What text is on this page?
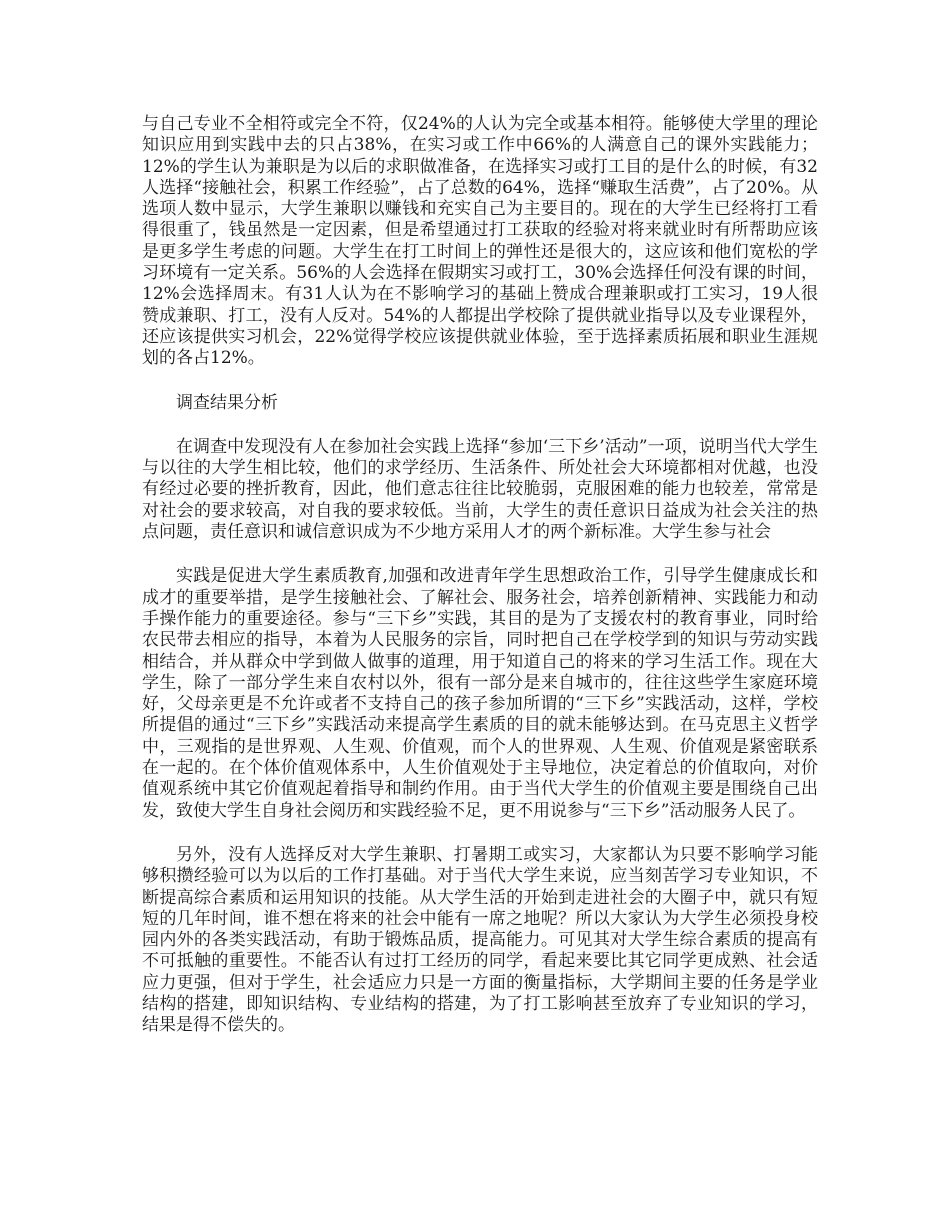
与自己专业不全相符或完全不符，仅24%的人认为完全或基本相符。能够使大学里的理论知识应用到实践中去的只占38%，在实习或工作中66%的人满意自己的课外实践能力；12%的学生认为兼职是为以后的求职做准备，在选择实习或打工目的是什么的时候，有32人选择“接触社会，积累工作经验”，占了总数的64%，选择“赚取生活费”，占了20%。从选项人数中显示，大学生兼职以赚钱和充实自己为主要目的。现在的大学生已经将打工看得很重了，钱虽然是一定因素，但是希望通过打工获取的经验对将来就业时有所帮助应该是更多学生考虑的问题。大学生在打工时间上的弹性还是很大的，这应该和他们宽松的学习环境有一定关系。56%的人会选择在假期实习或打工，30%会选择任何没有课的时间，12%会选择周末。有31人认为在不影响学习的基础上赞成合理兼职或打工实习，19人很赞成兼职、打工，没有人反对。54%的人都提出学校除了提供就业指导以及专业课程外，还应该提供实习机会，22%觉得学校应该提供就业体验，至于选择素质拓展和职业生涯规划的各占12%。

调查结果分析

在调查中发现没有人在参加社会实践上选择“参加‘三下乡’活动”一项，说明当代大学生与以往的大学生相比较，他们的求学经历、生活条件、所处社会大环境都相对优越，也没有经过必要的挫折教育，因此，他们意志往往比较脆弱，克服困难的能力也较差，常常是对社会的要求较高，对自我的要求较低。当前，大学生的责任意识日益成为社会关注的热点问题，责任意识和诚信意识成为不少地方采用人才的两个新标准。大学生参与社会

实践是促进大学生素质教育,加强和改进青年学生思想政治工作，引导学生健康成长和成才的重要举措，是学生接触社会、了解社会、服务社会，培养创新精神、实践能力和动手操作能力的重要途径。参与“三下乡”实践，其目的是为了支援农村的教育事业，同时给农民带去相应的指导，本着为人民服务的宗旨，同时把自己在学校学到的知识与劳动实践相结合，并从群众中学到做人做事的道理，用于知道自己的将来的学习生活工作。现在大学生，除了一部分学生来自农村以外，很有一部分是来自城市的，往往这些学生家庭环境好，父母亲更是不允许或者不支持自己的孩子参加所谓的“三下乡”实践活动，这样，学校所提倡的通过“三下乡”实践活动来提高学生素质的目的就未能够达到。在马克思主义哲学中，三观指的是世界观、人生观、价值观，而个人的世界观、人生观、价值观是紧密联系在一起的。在个体价值观体系中，人生价值观处于主导地位，决定着总的价值取向，对价值观系统中其它价值观起着指导和制约作用。由于当代大学生的价值观主要是围绕自己出发，致使大学生自身社会阅历和实践经验不足，更不用说参与“三下乡”活动服务人民了。

另外，没有人选择反对大学生兼职、打暑期工或实习，大家都认为只要不影响学习能够积攒经验可以为以后的工作打基础。对于当代大学生来说，应当刻苦学习专业知识，不断提高综合素质和运用知识的技能。从大学生活的开始到走进社会的大圈子中，就只有短短的几年时间，谁不想在将来的社会中能有一席之地呢？所以大家认为大学生必须投身校园内外的各类实践活动，有助于锻炼品质，提高能力。可见其对大学生综合素质的提高有不可抵触的重要性。不能否认有过打工经历的同学，看起来要比其它同学更成熟、社会适应力更强，但对于学生，社会适应力只是一方面的衡量指标，大学期间主要的任务是学业结构的搭建，即知识结构、专业结构的搭建，为了打工影响甚至放弃了专业知识的学习，结果是得不偿失的。
